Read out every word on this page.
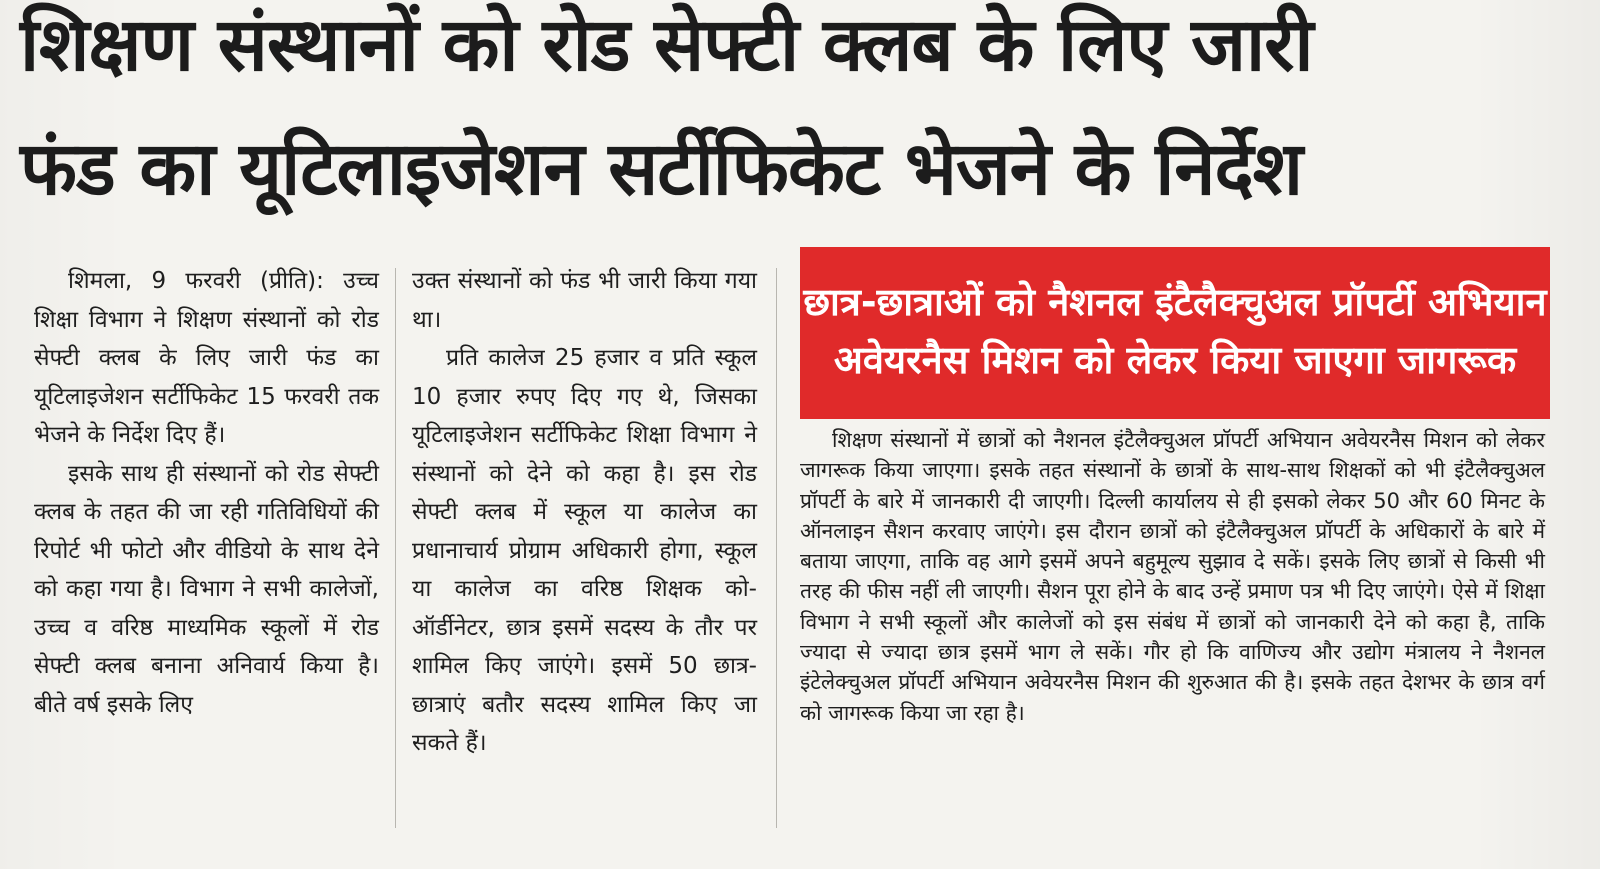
शिक्षण संस्थानों को रोड सेफ्टी क्लब के लिए जारी
फंड का यूटिलाइजेशन सर्टीफिकेट भेजने के निर्देश

शिमला, 9 फरवरी (प्रीति): उच्च शिक्षा विभाग ने शिक्षण संस्थानों को रोड सेफ्टी क्लब के लिए जारी फंड का यूटिलाइजेशन सर्टीफिकेट 15 फरवरी तक भेजने के निर्देश दिए हैं।

इसके साथ ही संस्थानों को रोड सेफ्टी क्लब के तहत की जा रही गतिविधियों की रिपोर्ट भी फोटो और वीडियो के साथ देने को कहा गया है। विभाग ने सभी कालेजों, उच्च व वरिष्ठ माध्यमिक स्कूलों में रोड सेफ्टी क्लब बनाना अनिवार्य किया है। बीते वर्ष इसके लिए

उक्त संस्थानों को फंड भी जारी किया गया था।

प्रति कालेज 25 हजार व प्रति स्कूल 10 हजार रुपए दिए गए थे, जिसका यूटिलाइजेशन सर्टीफिकेट शिक्षा विभाग ने संस्थानों को देने को कहा है। इस रोड सेफ्टी क्लब में स्कूल या कालेज का प्रधानाचार्य प्रोग्राम अधिकारी होगा, स्कूल या कालेज का वरिष्ठ शिक्षक को-ऑर्डीनेटर, छात्र इसमें सदस्य के तौर पर शामिल किए जाएंगे। इसमें 50 छात्र-छात्राएं बतौर सदस्य शामिल किए जा सकते हैं।

छात्र-छात्राओं को नैशनल इंटैलैक्चुअल प्रॉपर्टी अभियान
अवेयरनैस मिशन को लेकर किया जाएगा जागरूक

शिक्षण संस्थानों में छात्रों को नैशनल इंटैलैक्चुअल प्रॉपर्टी अभियान अवेयरनैस मिशन को लेकर जागरूक किया जाएगा। इसके तहत संस्थानों के छात्रों के साथ-साथ शिक्षकों को भी इंटैलैक्चुअल प्रॉपर्टी के बारे में जानकारी दी जाएगी। दिल्ली कार्यालय से ही इसको लेकर 50 और 60 मिनट के ऑनलाइन सैशन करवाए जाएंगे। इस दौरान छात्रों को इंटैलैक्चुअल प्रॉपर्टी के अधिकारों के बारे में बताया जाएगा, ताकि वह आगे इसमें अपने बहुमूल्य सुझाव दे सकें। इसके लिए छात्रों से किसी भी तरह की फीस नहीं ली जाएगी। सैशन पूरा होने के बाद उन्हें प्रमाण पत्र भी दिए जाएंगे। ऐसे में शिक्षा विभाग ने सभी स्कूलों और कालेजों को इस संबंध में छात्रों को जानकारी देने को कहा है, ताकि ज्यादा से ज्यादा छात्र इसमें भाग ले सकें। गौर हो कि वाणिज्य और उद्योग मंत्रालय ने नैशनल इंटेलेक्चुअल प्रॉपर्टी अभियान अवेयरनैस मिशन की शुरुआत की है। इसके तहत देशभर के छात्र वर्ग को जागरूक किया जा रहा है।
